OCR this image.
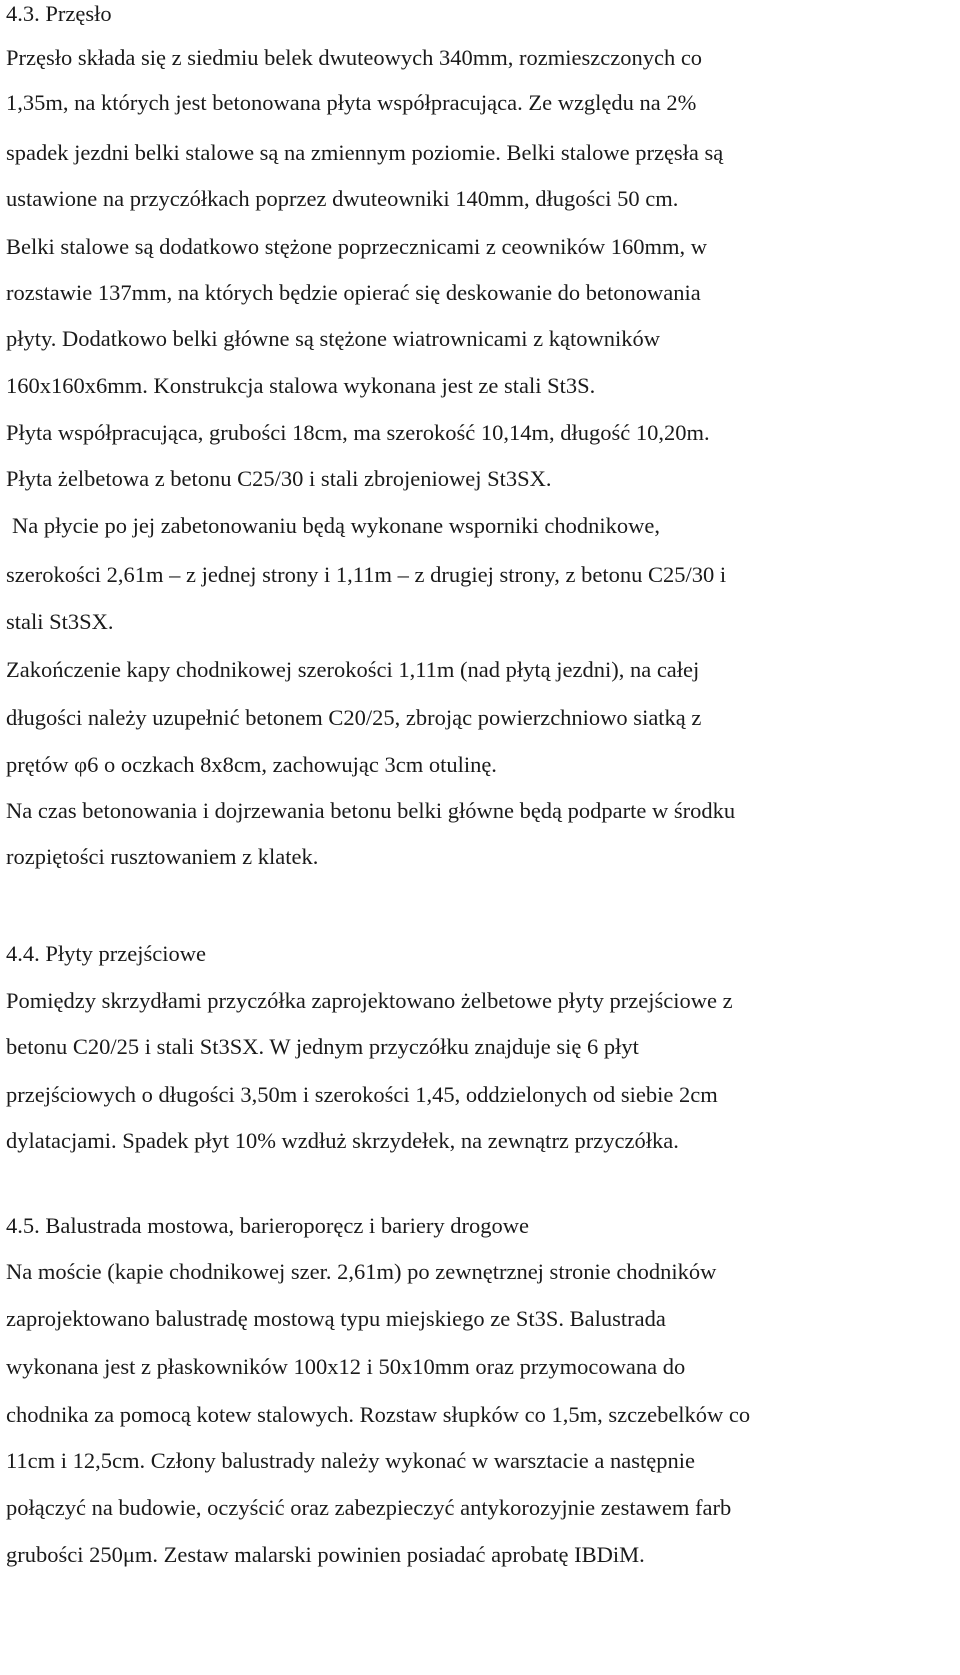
4.3. Przęsło
Przęsło składa się z siedmiu belek dwuteowych 340mm, rozmieszczonych co
1,35m, na których jest betonowana płyta współpracująca. Ze względu na 2%
spadek jezdni belki stalowe są na zmiennym poziomie. Belki stalowe przęsła są
ustawione na przyczółkach poprzez dwuteowniki 140mm, długości 50 cm.
Belki stalowe są dodatkowo stężone poprzecznicami z ceowników 160mm, w
rozstawie 137mm, na których będzie opierać się deskowanie do betonowania
płyty. Dodatkowo belki główne są stężone wiatrownicami z kątowników
160x160x6mm. Konstrukcja stalowa wykonana jest ze stali St3S.
Płyta współpracująca, grubości 18cm, ma szerokość 10,14m, długość 10,20m.
Płyta żelbetowa z betonu C25/30 i stali zbrojeniowej St3SX.
Na płycie po jej zabetonowaniu będą wykonane wsporniki chodnikowe,
szerokości 2,61m – z jednej strony i 1,11m – z drugiej strony, z betonu C25/30 i
stali St3SX.
Zakończenie kapy chodnikowej szerokości 1,11m (nad płytą jezdni), na całej
długości należy uzupełnić betonem C20/25, zbrojąc powierzchniowo siatką z
prętów φ6 o oczkach 8x8cm, zachowując 3cm otulinę.
Na czas betonowania i dojrzewania betonu belki główne będą podparte w środku
rozpiętości rusztowaniem z klatek.
4.4. Płyty przejściowe
Pomiędzy skrzydłami przyczółka zaprojektowano żelbetowe płyty przejściowe z
betonu C20/25 i stali St3SX. W jednym przyczółku znajduje się 6 płyt
przejściowych o długości 3,50m i szerokości 1,45, oddzielonych od siebie 2cm
dylatacjami. Spadek płyt 10% wzdłuż skrzydełek, na zewnątrz przyczółka.
4.5. Balustrada mostowa, barieroporęcz i bariery drogowe
Na moście (kapie chodnikowej szer. 2,61m) po zewnętrznej stronie chodników
zaprojektowano balustradę mostową typu miejskiego ze St3S. Balustrada
wykonana jest z płaskowników 100x12 i 50x10mm oraz przymocowana do
chodnika za pomocą kotew stalowych. Rozstaw słupków co 1,5m, szczebelków co
11cm i 12,5cm. Człony balustrady należy wykonać w warsztacie a następnie
połączyć na budowie, oczyścić oraz zabezpieczyć antykorozyjnie zestawem farb
grubości 250μm. Zestaw malarski powinien posiadać aprobatę IBDiM.
